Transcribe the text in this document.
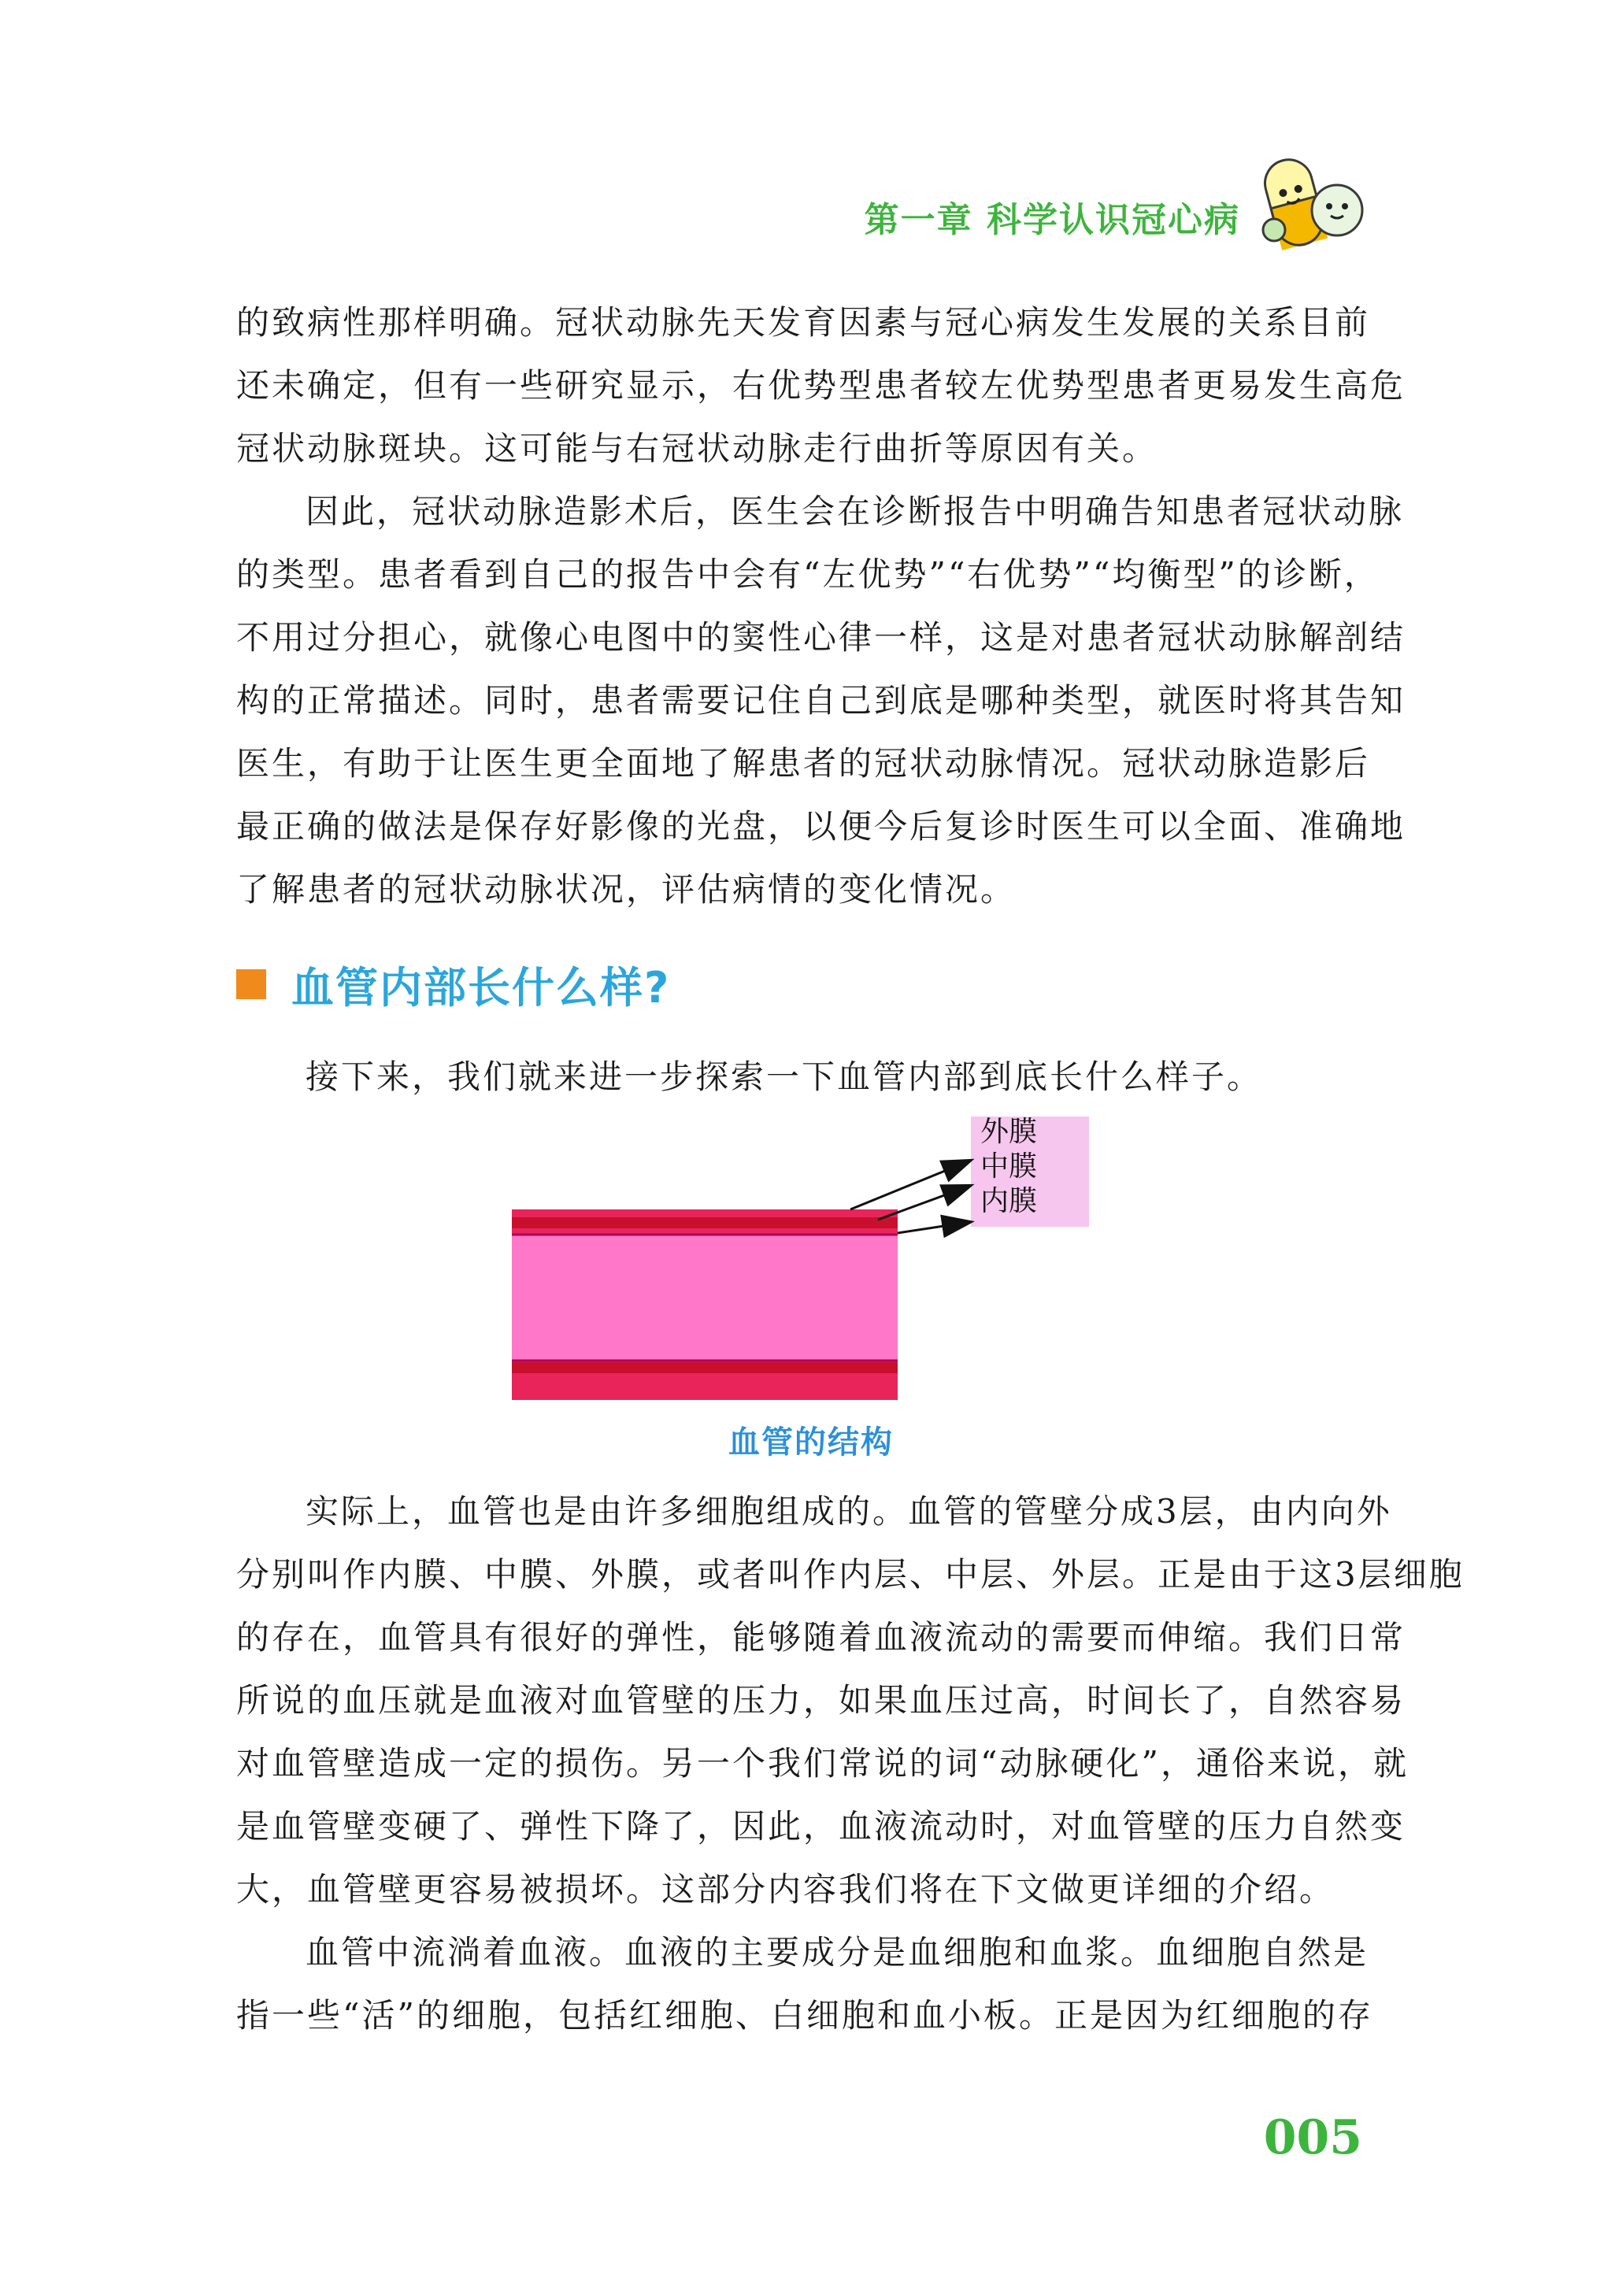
第一章 科学认识冠心病
的致病性那样明确。冠状动脉先天发育因素与冠心病发生发展的关系目前
还未确定，但有一些研究显示，右优势型患者较左优势型患者更易发生高危
冠状动脉斑块。这可能与右冠状动脉走行曲折等原因有关。
因此，冠状动脉造影术后，医生会在诊断报告中明确告知患者冠状动脉
的类型。患者看到自己的报告中会有“左优势”“右优势”“均衡型”的诊断，
不用过分担心，就像心电图中的窦性心律一样，这是对患者冠状动脉解剖结
构的正常描述。同时，患者需要记住自己到底是哪种类型，就医时将其告知
医生，有助于让医生更全面地了解患者的冠状动脉情况。冠状动脉造影后
最正确的做法是保存好影像的光盘，以便今后复诊时医生可以全面、准确地
了解患者的冠状动脉状况，评估病情的变化情况。
血管内部长什么样?
接下来，我们就来进一步探索一下血管内部到底长什么样子。
外膜
中膜
内膜
血管的结构
实际上，血管也是由许多细胞组成的。血管的管壁分成3层，由内向外
分别叫作内膜、中膜、外膜，或者叫作内层、中层、外层。正是由于这3层细胞
的存在，血管具有很好的弹性，能够随着血液流动的需要而伸缩。我们日常
所说的血压就是血液对血管壁的压力，如果血压过高，时间长了，自然容易
对血管壁造成一定的损伤。另一个我们常说的词“动脉硬化”，通俗来说，就
是血管壁变硬了、弹性下降了，因此，血液流动时，对血管壁的压力自然变
大，血管壁更容易被损坏。这部分内容我们将在下文做更详细的介绍。
血管中流淌着血液。血液的主要成分是血细胞和血浆。血细胞自然是
指一些“活”的细胞，包括红细胞、白细胞和血小板。正是因为红细胞的存
005
